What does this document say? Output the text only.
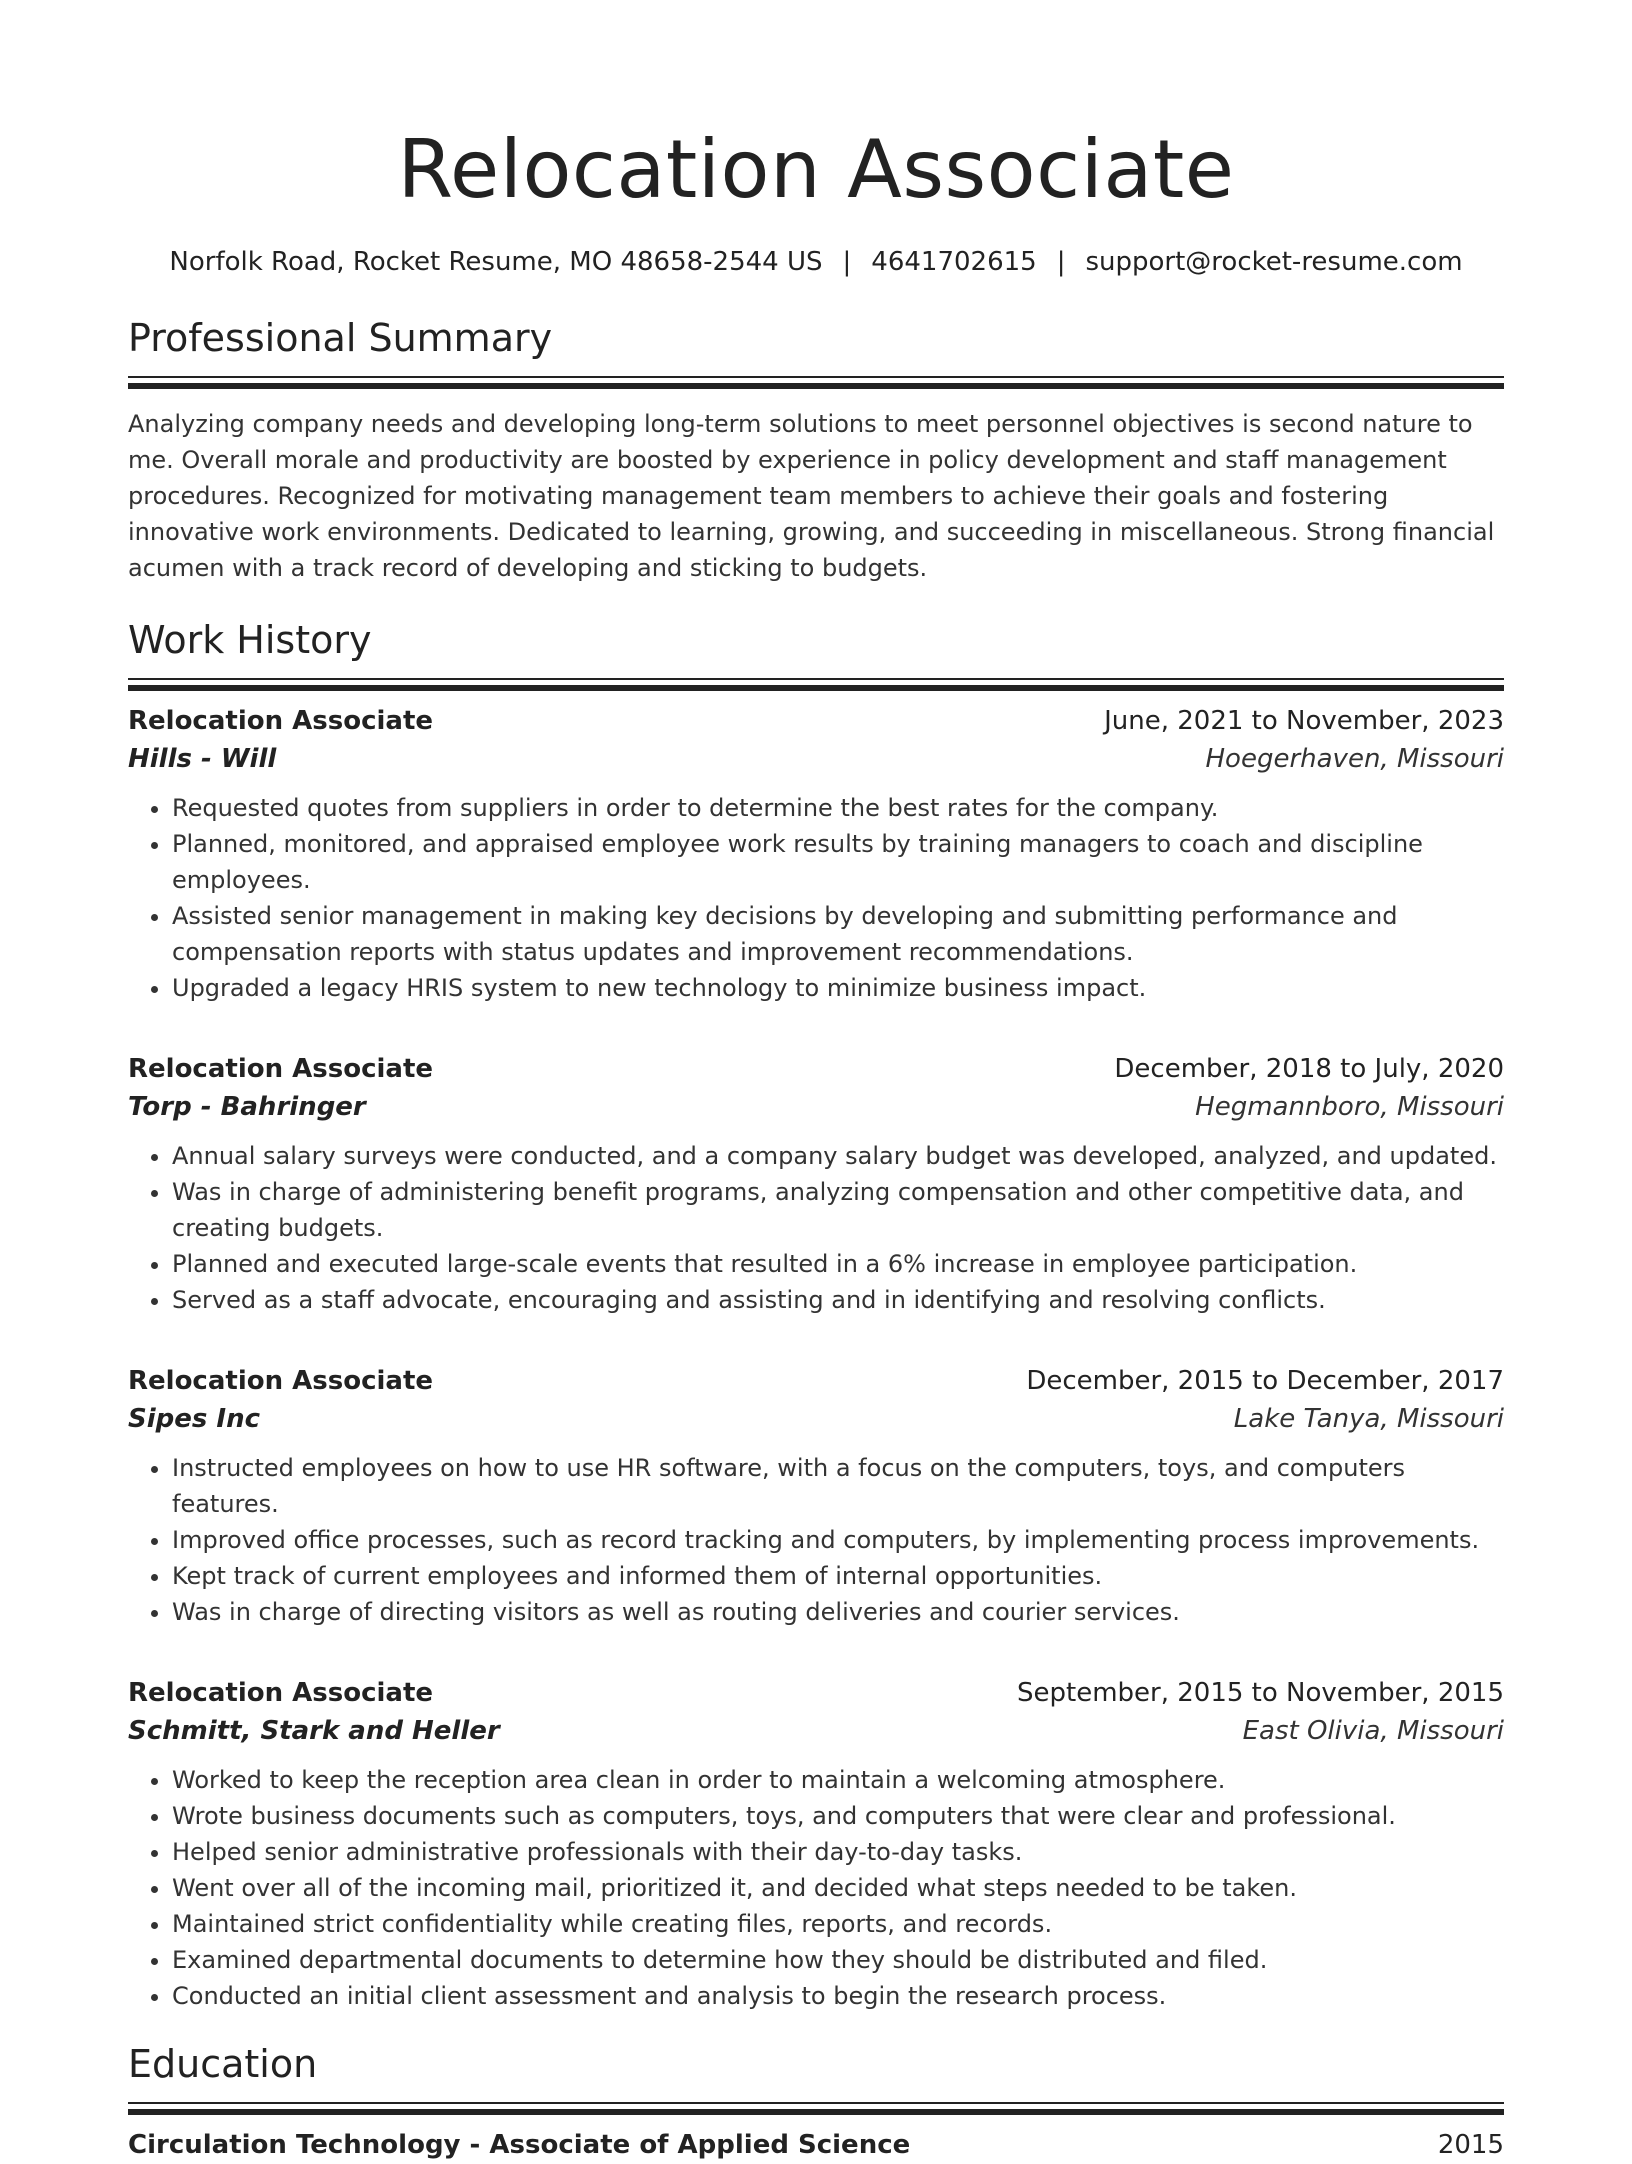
Relocation Associate
Norfolk Road, Rocket Resume, MO 48658-2544 US | 4641702615 | support@rocket-resume.com
Professional Summary
Analyzing company needs and developing long-term solutions to meet personnel objectives is second nature to me. Overall morale and productivity are boosted by experience in policy development and staff management procedures. Recognized for motivating management team members to achieve their goals and fostering innovative work environments. Dedicated to learning, growing, and succeeding in miscellaneous. Strong financial acumen with a track record of developing and sticking to budgets.
Work History
Relocation Associate	June, 2021 to November, 2023
Hills - Will	Hoegerhaven, Missouri
• Requested quotes from suppliers in order to determine the best rates for the company.
• Planned, monitored, and appraised employee work results by training managers to coach and discipline employees.
• Assisted senior management in making key decisions by developing and submitting performance and compensation reports with status updates and improvement recommendations.
• Upgraded a legacy HRIS system to new technology to minimize business impact.
Relocation Associate	December, 2018 to July, 2020
Torp - Bahringer	Hegmannboro, Missouri
• Annual salary surveys were conducted, and a company salary budget was developed, analyzed, and updated.
• Was in charge of administering benefit programs, analyzing compensation and other competitive data, and creating budgets.
• Planned and executed large-scale events that resulted in a 6% increase in employee participation.
• Served as a staff advocate, encouraging and assisting and in identifying and resolving conflicts.
Relocation Associate	December, 2015 to December, 2017
Sipes Inc	Lake Tanya, Missouri
• Instructed employees on how to use HR software, with a focus on the computers, toys, and computers features.
• Improved office processes, such as record tracking and computers, by implementing process improvements.
• Kept track of current employees and informed them of internal opportunities.
• Was in charge of directing visitors as well as routing deliveries and courier services.
Relocation Associate	September, 2015 to November, 2015
Schmitt, Stark and Heller	East Olivia, Missouri
• Worked to keep the reception area clean in order to maintain a welcoming atmosphere.
• Wrote business documents such as computers, toys, and computers that were clear and professional.
• Helped senior administrative professionals with their day-to-day tasks.
• Went over all of the incoming mail, prioritized it, and decided what steps needed to be taken.
• Maintained strict confidentiality while creating files, reports, and records.
• Examined departmental documents to determine how they should be distributed and filed.
• Conducted an initial client assessment and analysis to begin the research process.
Education
Circulation Technology - Associate of Applied Science	2015
